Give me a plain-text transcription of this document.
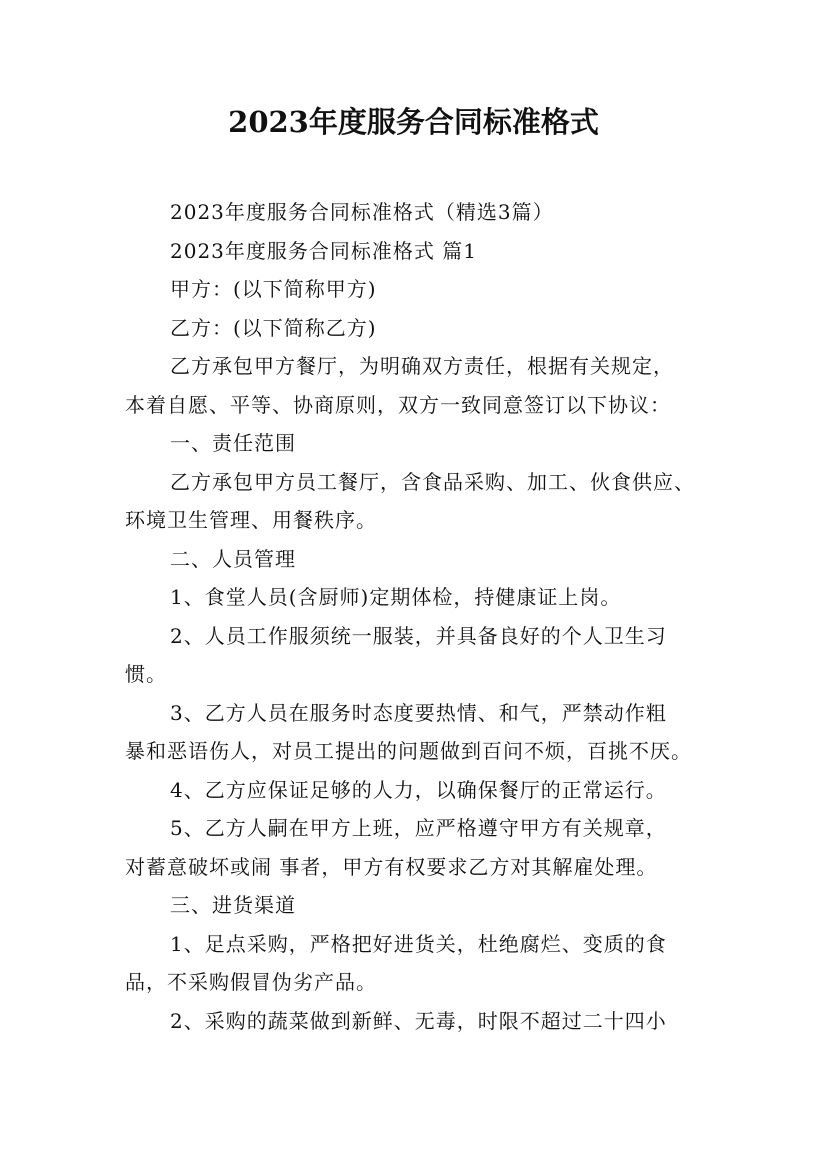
2023年度服务合同标准格式
2023年度服务合同标准格式（精选3篇）
2023年度服务合同标准格式 篇1
甲方：(以下简称甲方)
乙方：(以下简称乙方)
乙方承包甲方餐厅，为明确双方责任，根据有关规定，
本着自愿、平等、协商原则，双方一致同意签订以下协议：
一、责任范围
乙方承包甲方员工餐厅，含食品采购、加工、伙食供应、
环境卫生管理、用餐秩序。
二、人员管理
1、食堂人员(含厨师)定期体检，持健康证上岗。
2、人员工作服须统一服装，并具备良好的个人卫生习
惯。
3、乙方人员在服务时态度要热情、和气，严禁动作粗
暴和恶语伤人，对员工提出的问题做到百问不烦，百挑不厌。
4、乙方应保证足够的人力，以确保餐厅的正常运行。
5、乙方人嗣在甲方上班，应严格遵守甲方有关规章，
对蓄意破坏或闹 事者，甲方有权要求乙方对其解雇处理。
三、进货渠道
1、足点采购，严格把好进货关，杜绝腐烂、变质的食
品，不采购假冒伪劣产品。
2、采购的蔬菜做到新鲜、无毒，时限不超过二十四小
